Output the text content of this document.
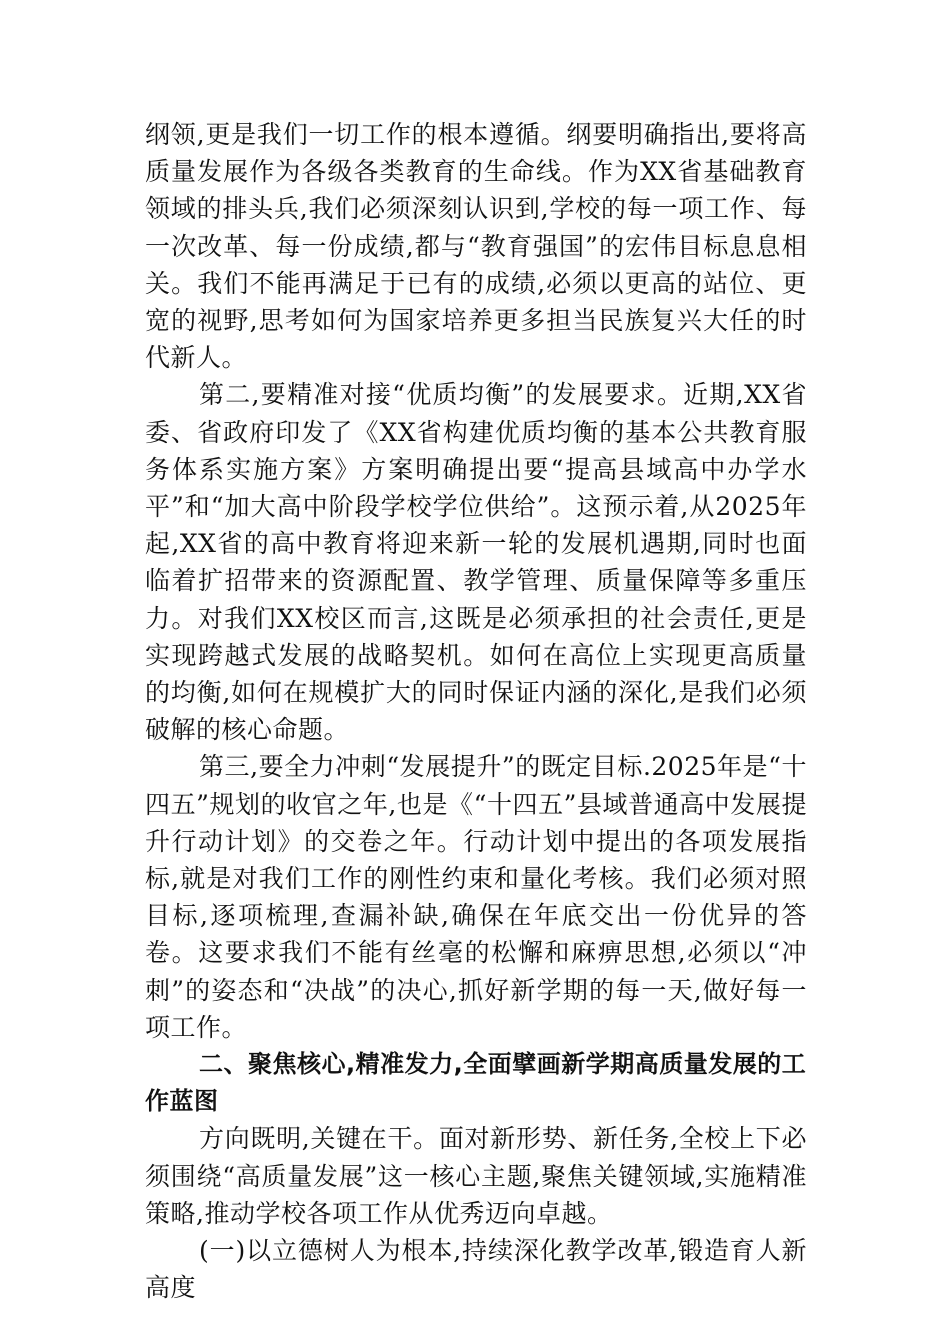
纲领,更是我们一切工作的根本遵循。纲要明确指出,要将高质量发展作为各级各类教育的生命线。作为XX省基础教育领域的排头兵,我们必须深刻认识到,学校的每一项工作、每一次改革、每一份成绩,都与“教育强国”的宏伟目标息息相关。我们不能再满足于已有的成绩,必须以更高的站位、更宽的视野,思考如何为国家培养更多担当民族复兴大任的时代新人。

第二,要精准对接“优质均衡”的发展要求。近期,XX省委、省政府印发了《XX省构建优质均衡的基本公共教育服务体系实施方案》方案明确提出要“提高县域高中办学水平”和“加大高中阶段学校学位供给”。这预示着,从2025年起,XX省的高中教育将迎来新一轮的发展机遇期,同时也面临着扩招带来的资源配置、教学管理、质量保障等多重压力。对我们XX校区而言,这既是必须承担的社会责任,更是实现跨越式发展的战略契机。如何在高位上实现更高质量的均衡,如何在规模扩大的同时保证内涵的深化,是我们必须破解的核心命题。

第三,要全力冲刺“发展提升”的既定目标.2025年是“十四五”规划的收官之年,也是《“十四五”县域普通高中发展提升行动计划》的交卷之年。行动计划中提出的各项发展指标,就是对我们工作的刚性约束和量化考核。我们必须对照目标,逐项梳理,查漏补缺,确保在年底交出一份优异的答卷。这要求我们不能有丝毫的松懈和麻痹思想,必须以“冲刺”的姿态和“决战”的决心,抓好新学期的每一天,做好每一项工作。

二、聚焦核心,精准发力,全面擘画新学期高质量发展的工作蓝图

方向既明,关键在干。面对新形势、新任务,全校上下必须围绕“高质量发展”这一核心主题,聚焦关键领域,实施精准策略,推动学校各项工作从优秀迈向卓越。

(一)以立德树人为根本,持续深化教学改革,锻造育人新高度
